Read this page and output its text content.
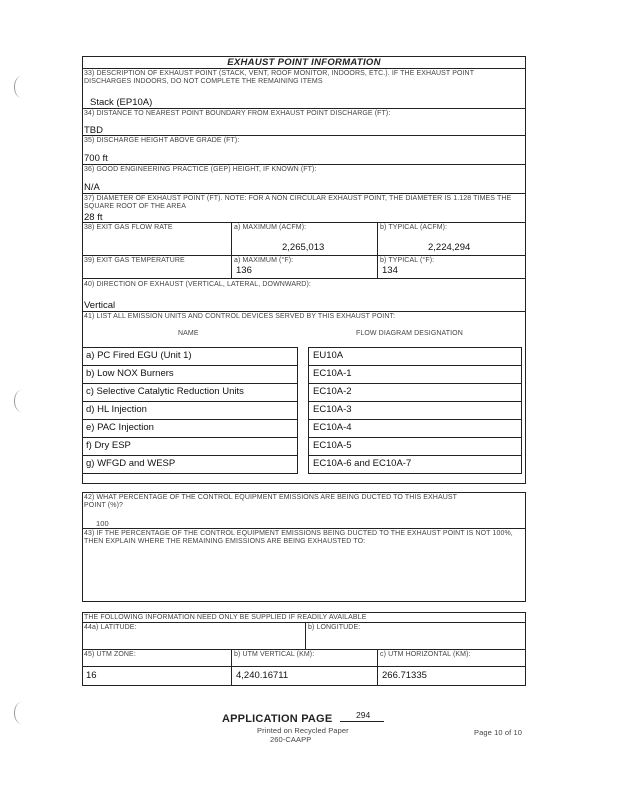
EXHAUST POINT INFORMATION
33) DESCRIPTION OF EXHAUST POINT (STACK, VENT, ROOF MONITOR, INDOORS, ETC.). IF THE EXHAUST POINT DISCHARGES INDOORS, DO NOT COMPLETE THE REMAINING ITEMS
Stack (EP10A)
34) DISTANCE TO NEAREST POINT BOUNDARY FROM EXHAUST POINT DISCHARGE (FT):
TBD
35) DISCHARGE HEIGHT ABOVE GRADE (FT):
700 ft
36) GOOD ENGINEERING PRACTICE (GEP) HEIGHT, IF KNOWN (FT):
N/A
37) DIAMETER OF EXHAUST POINT (FT). NOTE: FOR A NON CIRCULAR EXHAUST POINT, THE DIAMETER IS 1.128 TIMES THE SQUARE ROOT OF THE AREA
28 ft
38) EXIT GAS FLOW RATE	a) MAXIMUM (ACFM):
2,265,013
b) TYPICAL (ACFM):
2,224,294
39) EXIT GAS TEMPERATURE	a) MAXIMUM (°F):
136
b) TYPICAL (°F):
134
40) DIRECTION OF EXHAUST (VERTICAL, LATERAL, DOWNWARD):
Vertical
41) LIST ALL EMISSION UNITS AND CONTROL DEVICES SERVED BY THIS EXHAUST POINT:
NAME	FLOW DIAGRAM DESIGNATION
a) PC Fired EGU (Unit 1)	EU10A
b) Low NOX Burners	EC10A-1
c) Selective Catalytic Reduction Units	EC10A-2
d) HL Injection	EC10A-3
e) PAC Injection	EC10A-4
f) Dry ESP	EC10A-5
g) WFGD and WESP	EC10A-6 and EC10A-7
42) WHAT PERCENTAGE OF THE CONTROL EQUIPMENT EMISSIONS ARE BEING DUCTED TO THIS EXHAUST POINT (%)?
100
43) IF THE PERCENTAGE OF THE CONTROL EQUIPMENT EMISSIONS BEING DUCTED TO THE EXHAUST POINT IS NOT 100%, THEN EXPLAIN WHERE THE REMAINING EMISSIONS ARE BEING EXHAUSTED TO:
THE FOLLOWING INFORMATION NEED ONLY BE SUPPLIED IF READILY AVAILABLE
44a) LATITUDE:	b) LONGITUDE:
45) UTM ZONE:	b) UTM VERTICAL (KM):	c) UTM HORIZONTAL (KM):
16	4,240.16711	266.71335
APPLICATION PAGE	294
Printed on Recycled Paper
260-CAAPP
Page 10 of 10
